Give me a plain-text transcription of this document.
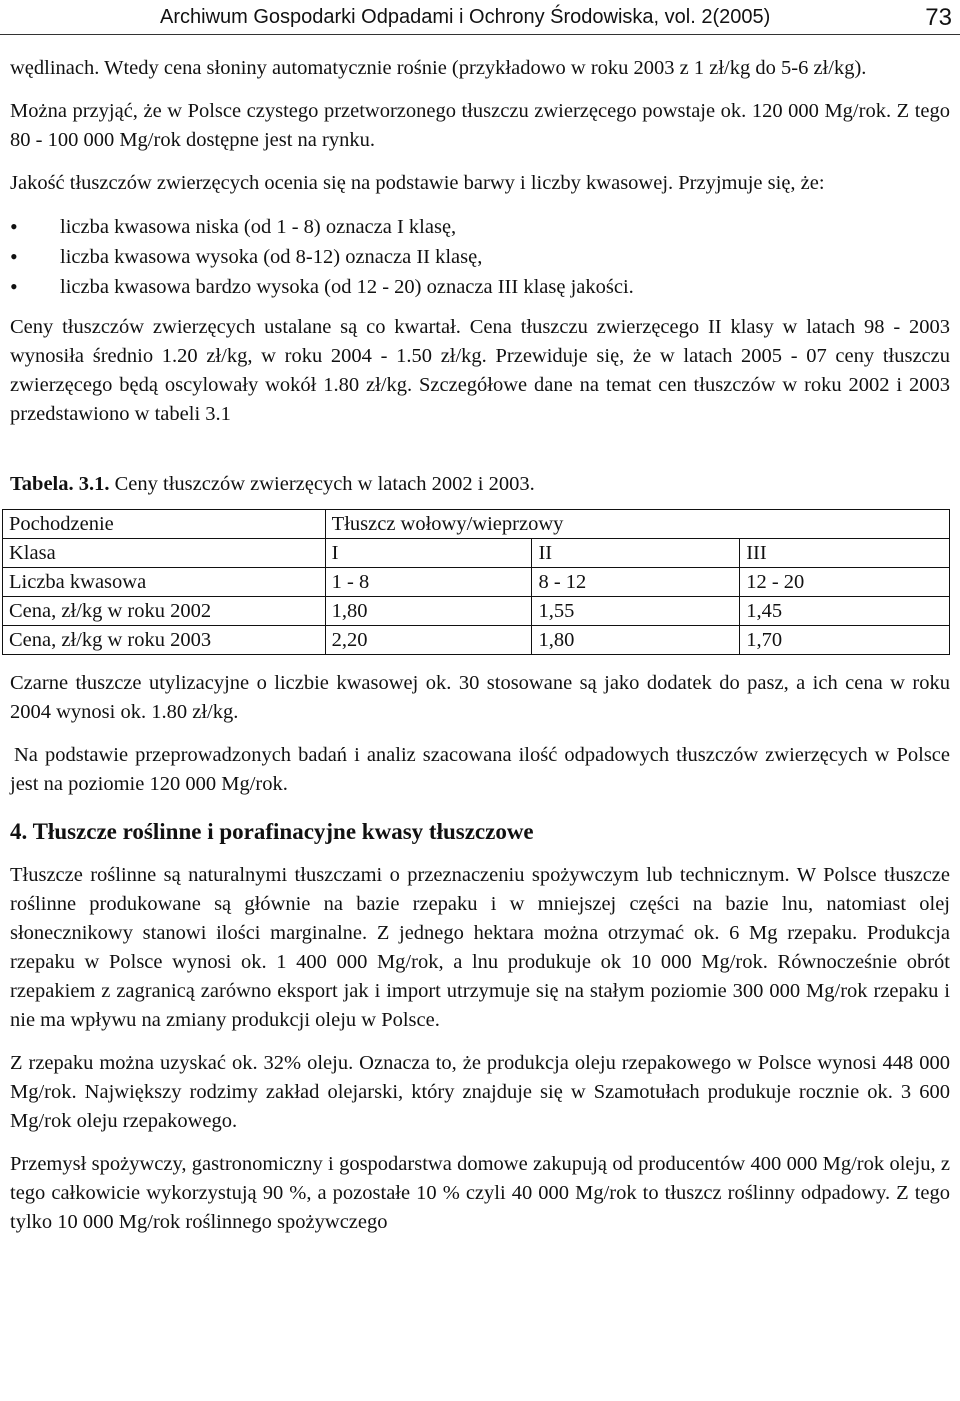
Archiwum Gospodarki Odpadami i Ochrony Środowiska, vol. 2(2005)	73

wędlinach. Wtedy cena słoniny automatycznie rośnie (przykładowo w roku 2003 z 1 zł/kg do 5-6 zł/kg).

Można przyjąć, że w Polsce czystego przetworzonego tłuszczu zwierzęcego powstaje ok. 120 000 Mg/rok. Z tego 80 - 100 000 Mg/rok dostępne jest na rynku.

Jakość tłuszczów zwierzęcych ocenia się na podstawie barwy i liczby kwasowej. Przyjmuje się, że:

• liczba kwasowa niska (od 1 - 8) oznacza I klasę,
• liczba kwasowa wysoka (od 8-12) oznacza II klasę,
• liczba kwasowa bardzo wysoka (od 12 - 20) oznacza III klasę jakości.

Ceny tłuszczów zwierzęcych ustalane są co kwartał. Cena tłuszczu zwierzęcego II klasy w latach 98 - 2003 wynosiła średnio 1.20 zł/kg, w roku 2004 - 1.50 zł/kg. Przewiduje się, że w latach 2005 - 07 ceny tłuszczu zwierzęcego będą oscylowały wokół 1.80 zł/kg. Szczegółowe dane na temat cen tłuszczów w roku 2002 i 2003 przedstawiono w tabeli 3.1

Tabela. 3.1. Ceny tłuszczów zwierzęcych w latach 2002 i 2003.
Pochodzenie	Tłuszcz wołowy/wieprzowy		
Klasa	I	II	III
Liczba kwasowa	1 - 8	8 - 12	12 - 20
Cena, zł/kg w roku 2002	1,80	1,55	1,45
Cena, zł/kg w roku 2003	2,20	1,80	1,70

Czarne tłuszcze utylizacyjne o liczbie kwasowej ok. 30 stosowane są jako dodatek do pasz, a ich cena w roku 2004 wynosi ok. 1.80 zł/kg.

Na podstawie przeprowadzonych badań i analiz szacowana ilość odpadowych tłuszczów zwierzęcych w Polsce jest na poziomie 120 000 Mg/rok.

4. Tłuszcze roślinne i porafinacyjne kwasy tłuszczowe

Tłuszcze roślinne są naturalnymi tłuszczami o przeznaczeniu spożywczym lub technicznym. W Polsce tłuszcze roślinne produkowane są głównie na bazie rzepaku i w mniejszej części na bazie lnu, natomiast olej słonecznikowy stanowi ilości marginalne. Z jednego hektara można otrzymać ok. 6 Mg rzepaku. Produkcja rzepaku w Polsce wynosi ok. 1 400 000 Mg/rok, a lnu produkuje ok 10 000 Mg/rok. Równocześnie obrót rzepakiem z zagranicą zarówno eksport jak i import utrzymuje się na stałym poziomie 300 000 Mg/rok rzepaku i nie ma wpływu na zmiany produkcji oleju w Polsce.

Z rzepaku można uzyskać ok. 32% oleju. Oznacza to, że produkcja oleju rzepakowego w Polsce wynosi 448 000 Mg/rok. Największy rodzimy zakład olejarski, który znajduje się w Szamotułach produkuje rocznie ok. 3 600 Mg/rok oleju rzepakowego.

Przemysł spożywczy, gastronomiczny i gospodarstwa domowe zakupują od producentów 400 000 Mg/rok oleju, z tego całkowicie wykorzystują 90 %, a pozostałe 10 % czyli 40 000 Mg/rok to tłuszcz roślinny odpadowy. Z tego tylko 10 000 Mg/rok roślinnego spożywczego
